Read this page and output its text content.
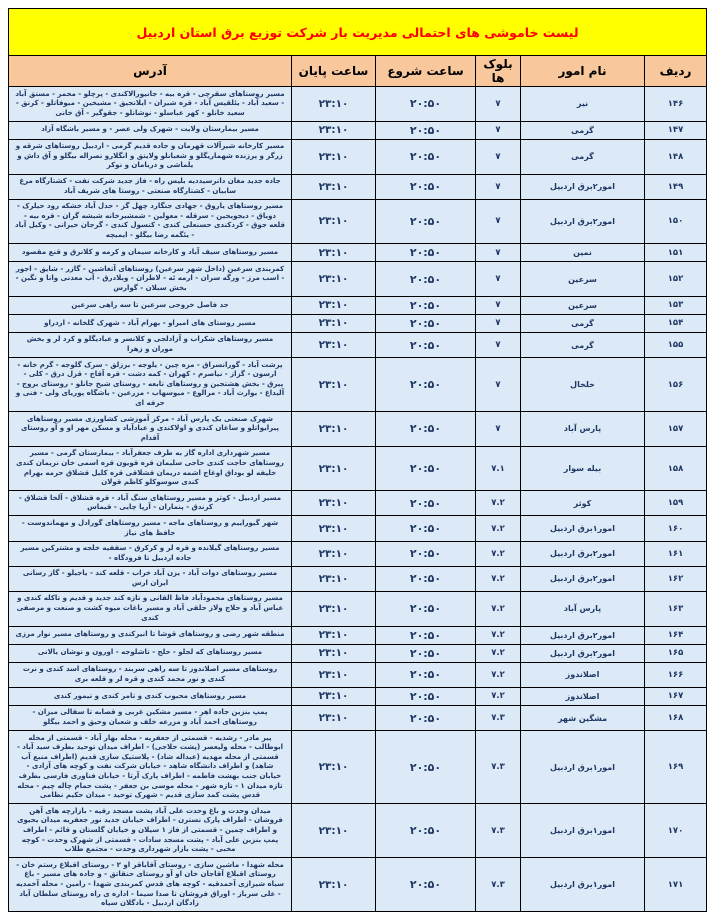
لیست خاموشی های احتمالی مدیریت بار شرکت توزیع برق استان اردبیل					
ردیف	نام امور	بلوک ها	ساعت شروع	ساعت پایان	آدرس
۱۴۶	نیر	۷	۲۰:۵۰	۲۳:۱۰	مسیر روستاهای سقرچی - قره بیه - جانیورالاکندی - پرچلو - محمر - مستق آباد - سعید آباد - یئلقیس آباد - قره شیران - ایلانجیق - مشیخین - میوفاتلو - کرنق - سعید خانلو - کهر عباسلو - نوشانلو - جقوگیر - آق خانی
۱۴۷	گرمی	۷	۲۰:۵۰	۲۳:۱۰	مسیر بیمارستان ولایت - شهرک ولی عصر - و مسیر باشگاه آزاد
۱۴۸	گرمی	۷	۲۰:۵۰	۲۳:۱۰	مسیر کارخانه شیرآلات قهرمان و جاده قدیم گرمی - اردبیل روستاهای شرقه و زرگر و پرزنده شهماریگلو و شعبانلو ولایتق و انگلارو نصراله بیگلو و آق داش و یلماشی و دربامان و نوکر
۱۴۹	امور۲برق اردبیل	۷	۲۰:۵۰	۲۳:۱۰	جاده جدید مغان دانرسیددیه بلیس راه - فاز جدید شرکت نفت - کشتارگاه مرغ سابیان - کشتارگاه صنعتی - روستا های شریف آباد
۱۵۰	امور۲برق اردبیل	۷	۲۰:۵۰	۲۳:۱۰	مسیر روستاهای یاروق - جهادی جنگارد چهل گز - حدل آباد خشکه رود حیلرک - دویاق - دیجویجین - سرقله - معولین - شمشیرخانه شیشه گران - قره بیه - قلعه جوق - کردکندی حسنعلی کندی - کنسول کندی - گرجان حیرانی - وکیل آباد - یئگمه رضا بیگلو - ایمیچه
۱۵۱	نمین	۷	۲۰:۵۰	۲۳:۱۰	مسیر روستاهای سیف آباد و کارخانه سیمان و کرمه و کلانرق و قنع مقصود
۱۵۲	سرعین	۷	۲۰:۵۰	۲۳:۱۰	کمربندی سرعین (داخل شهر سرعین) روستاهای آتغاشین - گازر - شایق - اجور - اسب مرز - ورگه سران - ارمه ئه - لاطران - وبلادرق - آب معدنی وانا و نگین - بخش سبلان - گوارس
۱۵۳	سرعین	۷	۲۰:۵۰	۲۳:۱۰	حد فاصل خروجی سرعین تا سه راهی سرعین
۱۵۴	گرمی	۷	۲۰:۵۰	۲۳:۱۰	مسیر روستای های امیراو - بهرام آباد - شهرک گلخانه - اردراو
۱۵۵	گرمی	۷	۲۰:۵۰	۲۳:۱۰	مسیر روستاهای شکراب و آزادلجی و کلانسر و عبادیگلو و کرد لر و بخش موران و زهرا
۱۵۶	خلخال	۷	۲۰:۵۰	۲۳:۱۰	پرشت آباد - گورانسراق - مزه چین - یلوجه - برزلق - سرک گلوجه - گرم خانه - ارسون - گزاز - نیاصرم - کهران - کمه دشت - قره آقاج - قزل درق - کلی - پیرق - بخش هشتجین و روستاهای تابعه - روستای شیخ جانلو - روستای بروج - آلیداغ - یوارث آباد - مرالوع - میوسهاب - مزرعین - باشگاه پوریای ولی - فنی و حرفه ای
۱۵۷	پارس آباد	۷	۲۰:۵۰	۲۳:۱۰	شهرک صنعتی یک پارس آباد - مرکز آموزشی کشاورزی مسیر روستاهای پیرایواتلو و ساغان کندی و اولاکندی و عبادآباد و مسکن مهر او و آو روستای آقدام
۱۵۸	بیله سوار	۷.۱	۲۰:۵۰	۲۳:۱۰	مسیر شهرداری اداره گاز به طرف جعفرآباد - بیمارستان گرمی - مسیر روستاهای حاجت کندی حاجی سلیمان قره قویون قره اسمی خان نریمان کندی خلیفه لو بوداق اوغاج اشمه دریمان قشلاقی قره کلیل قشلاق حرمه بهرام کندی سوسوکلو کاظم قولان
۱۵۹	کوثر	۷.۲	۲۰:۵۰	۲۳:۱۰	مسیر اردبیل - کوثر و مسیر روستاهای سنگ آباد - قره قشلاق - آلخا قشلاق - کرندق - پنماران - آرپا چایی - قیماس
۱۶۰	امور۱برق اردبیل	۷.۲	۲۰:۵۰	۲۳:۱۰	شهر گیوراییم و روستاهای ماجه - مسیر روستاهای گورادل و مهماندوست - حافظ های نیاز
۱۶۱	امور۲برق اردبیل	۷.۲	۲۰:۵۰	۲۳:۱۰	مسیر روستاهای گیلانده و قره لر و کرکرق - سقفیه خلجه و مشترکین مسیر جاده اردبیل تا فرودگاه -
۱۶۲	امور۲برق اردبیل	۷.۲	۲۰:۵۰	۲۳:۱۰	مسیر روستاهای دوات آباد - یزن آباد خراب - قلعه کند - یاجیلو - گاز رسانی ایران ارس
۱۶۳	پارس آباد	۷.۲	۲۰:۵۰	۲۳:۱۰	مسیر روستاهای محمودآباد فاظ القانی و تازه کند جدید و قدیم و تاکله کندی و عباس آباد و حلاج ولاز حلقی آباد و مسیر باغات میوه کشت و صنعت و مرصفی کندی
۱۶۴	امور۲برق اردبیل	۷.۲	۲۰:۵۰	۲۳:۱۰	منطقه شهر رضی و روستاهای قوشا تا انیرکندی و روستاهای مسیر نوار مرزی
۱۶۵	امور۲برق اردبیل	۷.۲	۲۰:۵۰	۲۳:۱۰	مسیر روستاهای که لجلو - حلج - تاشلوجه - اورون و نوشان یالانی
۱۶۶	اصلاندوز	۷.۲	۲۰:۵۰	۲۳:۱۰	روستاهای مسیر اصلاندوز تا سه راهی سربند - روستاهای اسد کندی و نرت کندی و نور محمد کندی و قره لر و قلعه بری
۱۶۷	اصلاندوز	۷.۲	۲۰:۵۰	۲۳:۱۰	مسیر روستاهای محبوب کندی و تامر کندی و تیمور کندی
۱۶۸	مشگین شهر	۷.۳	۲۰:۵۰	۲۳:۱۰	پمپ بنزین جاده اهر - مسیر مشکین غربی و قصابه تا سقالی میزان - روستاهای احمد آباد و مزرعه خلف و شعبان وحیق و احمد بیگلو
۱۶۹	امور۱برق اردبیل	۷.۳	۲۰:۵۰	۲۳:۱۰	پیر مادر - رشدیه - قسمتی از جعفریه - محله بهار آباد - قسمتی از محله ابوطالب - محله ولیعصر (پشت حلاجی) - اطراف میدان توحید بطرف سید آباد - قسمتی از محله مهدیه (عبداله شاد) - پلاستیک سازی قدیم (اطراف منبع آب شاهد) و اطراف دانشگاه شاهد - خیابان شرکت نفت و کوچه های آزادی - خیابان جنب بهشت فاطمه - اطراف پارک آرتا - خیابان فناوری فارسی بطرف تازه میدان ۱ - تازه شهر - محله موسی بن جعفر - پشت حمام چاله چیم - محله قدس پشت کمد سازی قدیم - شهرک توحید - میدان حکیم نظامی
۱۷۰	امور۱برق اردبیل	۷.۳	۲۰:۵۰	۲۳:۱۰	میدان وحدت و باغ وحدت علی آباد پشت مسجد رقیه - بازارچه های آهن فروشان - اطراف پارک نسترن - اطراف خیابان جدید نور جعفریه میدان یحیوی و اطراف چمین - قسمتی از فاز ۱ سیلان و خیابان گلستان و قائم - اطراف پمپ بنزین علی آباد - پشت مسجد سادات - قسمتی از شهرک وحدت - کوچه مخبی - پشت بازار شهرداری وحدت - مجتمع طلاب
۱۷۱	امور۱برق اردبیل	۷.۳	۲۰:۵۰	۲۳:۱۰	محله شهدا - ماشین سازی - روستای آقاباقر او ۲ - روستای اقبلاغ رستم خان - روستای اقبلاغ آقاجان خان او آو روستای حنقاتق - و جاده های مسیر - باغ سیاه شیرازی آخمدقیه - کوچه های قدس کمربندی شهدا - رامین - محله آخمدیه - علی سرباز - اوراق فروشان تا صدا سیما - اداره ی راه روستای سلطان آباد زادگان اردبیل - بادگلان سیاه
